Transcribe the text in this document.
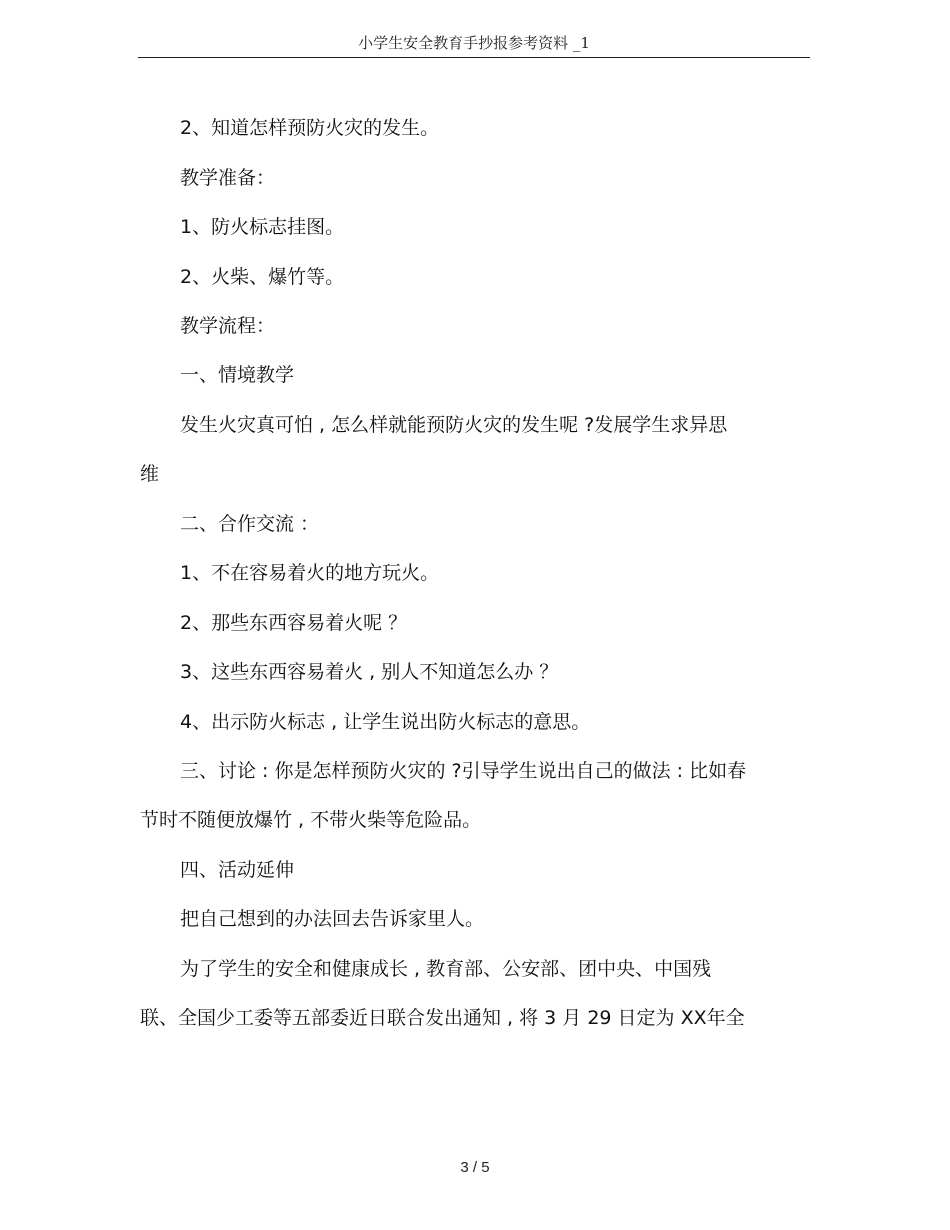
小学生安全教育手抄报参考资料 _1
2、知道怎样预防火灾的发生。
教学准备：
1、防火标志挂图。
2、火柴、爆竹等。
教学流程：
一、情境教学
发生火灾真可怕 , 怎么样就能预防火灾的发生呢 ?发展学生求异思
维
二、合作交流 ：
1、不在容易着火的地方玩火。
2、那些东西容易着火呢 ？
3、这些东西容易着火 , 别人不知道怎么办 ？
4、出示防火标志 , 让学生说出防火标志的意思。
三、讨论 : 你是怎样预防火灾的 ?引导学生说出自己的做法 : 比如春
节时不随便放爆竹 , 不带火柴等危险品。
四、活动延伸
把自己想到的办法回去告诉家里人。
为了学生的安全和健康成长 , 教育部、公安部、团中央、中国残
联、全国少工委等五部委近日联合发出通知 , 将 3 月 29 日定为 XX年全
3 / 5
